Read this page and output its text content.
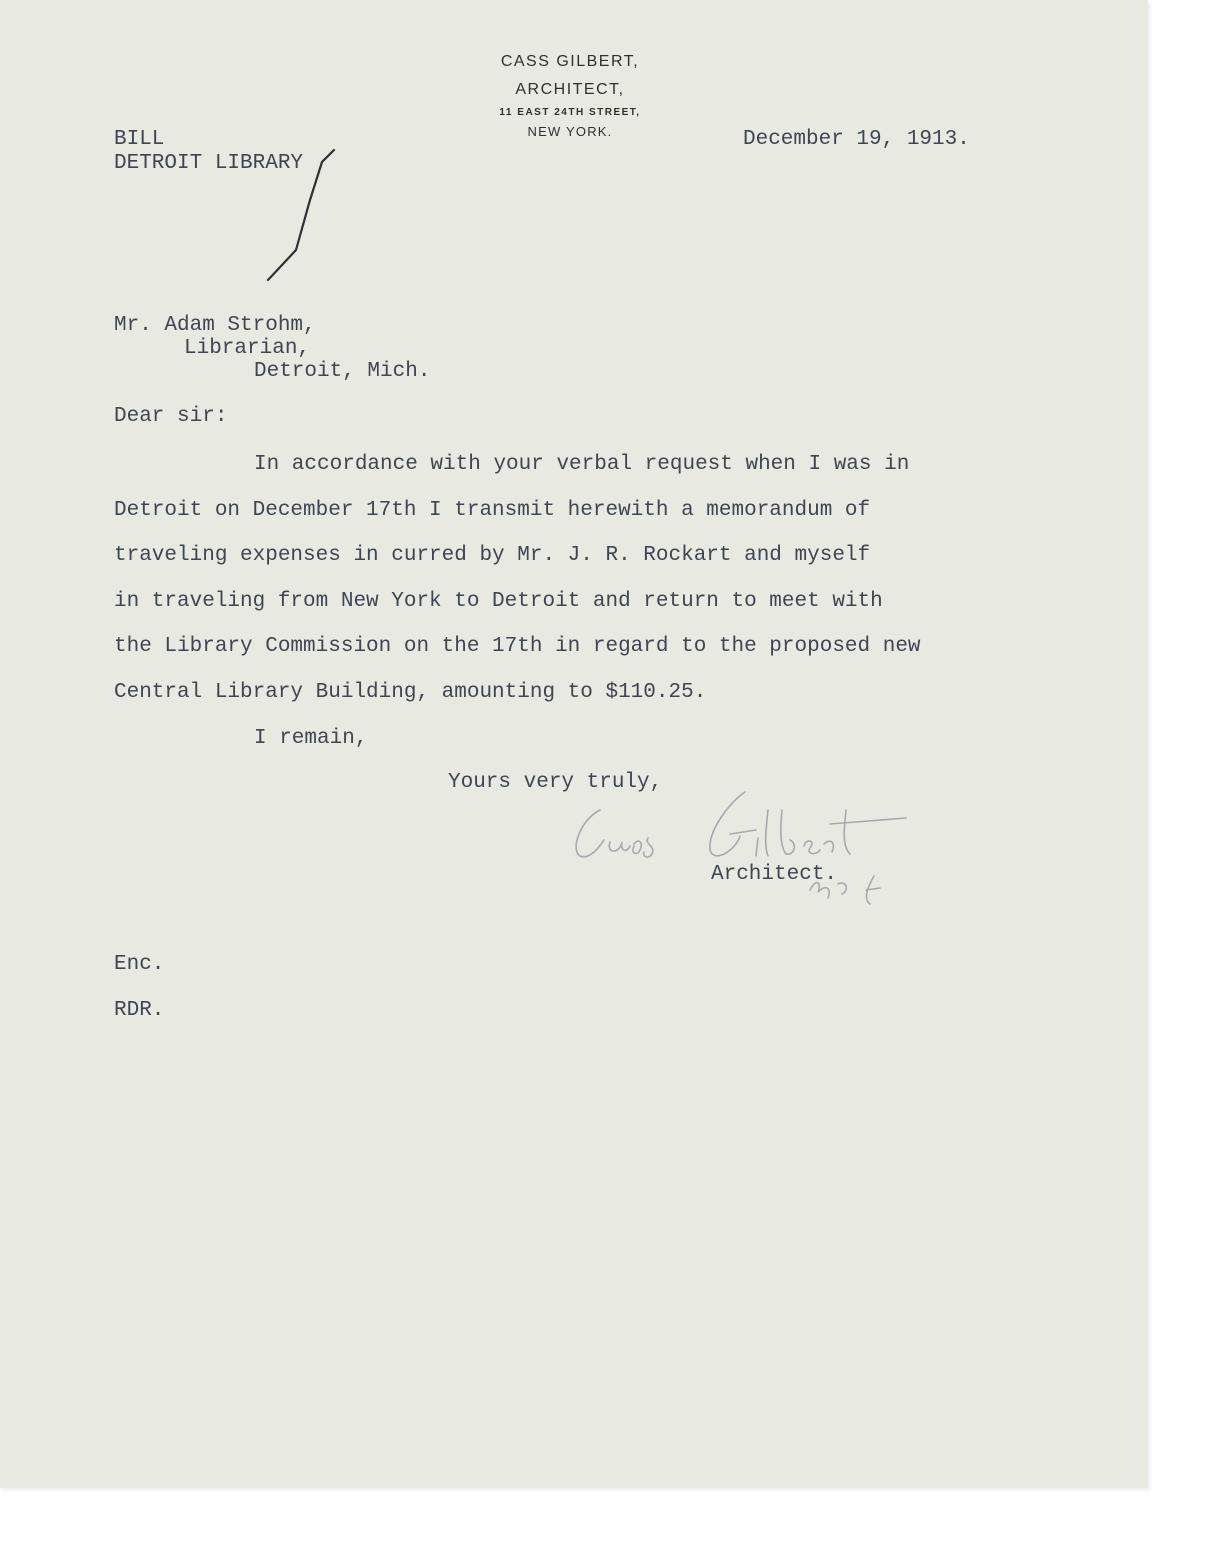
CASS GILBERT,
ARCHITECT,
11 EAST 24TH STREET,
NEW YORK.
BILL
DETROIT LIBRARY
December 19, 1913.
Mr. Adam Strohm,
Librarian,
Detroit, Mich.
Dear sir:
In accordance with your verbal request when I was in
Detroit on December 17th I transmit herewith a memorandum of
traveling expenses in curred by Mr. J. R. Rockart and myself
in traveling from New York to Detroit and return to meet with
the Library Commission on the 17th in regard to the proposed new
Central Library Building, amounting to $110.25.
I remain,
Yours very truly,
Architect.
Enc.
RDR.
